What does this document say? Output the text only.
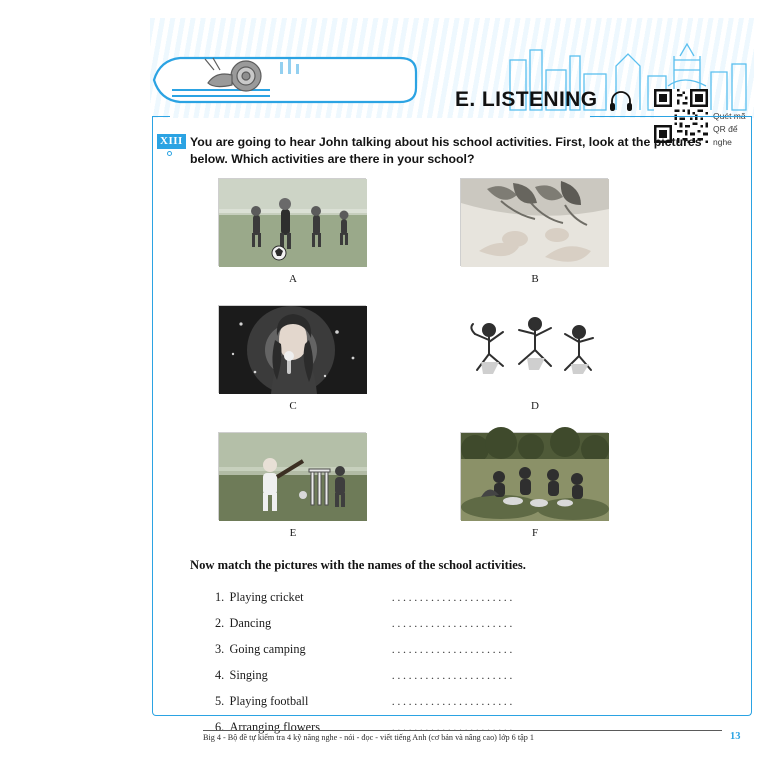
E. LISTENING
Quét mã
QR để nghe
XIII You are going to hear John talking about his school activities. First, look at the pictures below. Which activities are there in your school?
A	B
C	D
E	F
Now match the pictures with the names of the school activities.
1. Playing cricket	......................
2. Dancing	......................
3. Going camping	......................
4. Singing	......................
5. Playing football	......................
6. Arranging flowers	......................
Big 4 - Bộ đề tự kiểm tra 4 kỹ năng nghe - nói - đọc - viết tiếng Anh (cơ bản và nâng cao) lớp 6 tập 1	13
